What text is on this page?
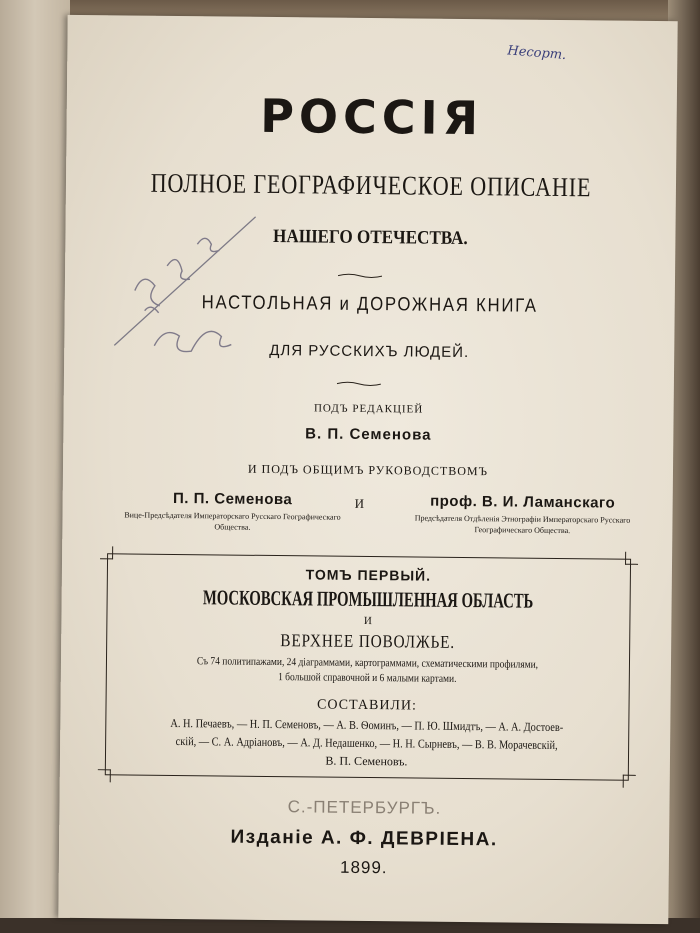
Несорт.
РОССІЯ
ПОЛНОЕ ГЕОГРАФИЧЕСКОЕ ОПИСАНІЕ
НАШЕГО ОТЕЧЕСТВА.
НАСТОЛЬНАЯ и ДОРОЖНАЯ КНИГА
ДЛЯ РУССКИХЪ ЛЮДЕЙ.
ПОДЪ РЕДАКЦІЕЙ
В. П. Семенова
И ПОДЪ ОБЩИМЪ РУКОВОДСТВОМЪ
П. П. Семенова
Вице-Предсѣдателя Императорскаго Русскаго Географическаго Общества.
И	проф. В. И. Ламанскаго
Предсѣдателя Отдѣленія Этнографіи Императорскаго Русскаго Географическаго Общества.
ТОМЪ ПЕРВЫЙ.
МОСКОВСКАЯ ПРОМЫШЛЕННАЯ ОБЛАСТЬ
И
ВЕРХНЕЕ ПОВОЛЖЬЕ.
Съ 74 политипажами, 24 діаграммами, картограммами, схематическими профилями,
1 большой справочной и 6 малыми картами.
СОСТАВИЛИ:
А. Н. Печаевъ, — Н. П. Семеновъ, — А. В. Ѳоминъ, — П. Ю. Шмидтъ, — А. А. Достоев-
скій, — С. А. Адріановъ, — А. Д. Недашенко, — Н. Н. Сырневъ, — В. В. Морачевскій,
В. П. Семеновъ.
С.-ПЕТЕРБУРГЪ.
Изданіе А. Ф. ДЕВРІЕНА.
1899.
